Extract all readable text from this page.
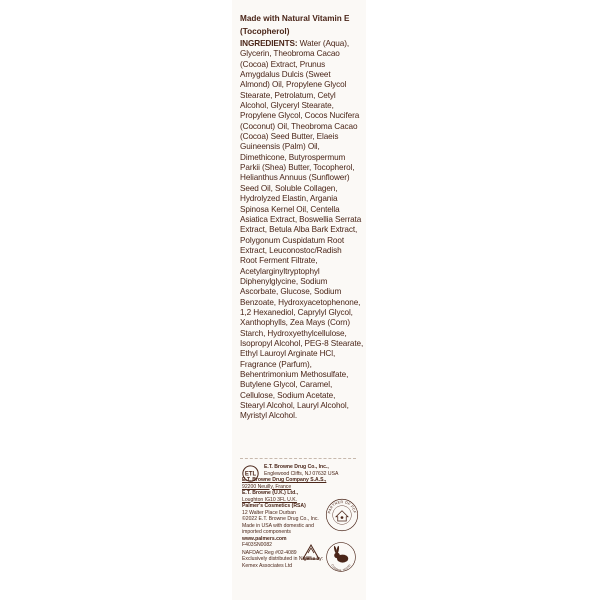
Made with Natural Vitamin E
(Tocopherol)
INGREDIENTS: Water (Aqua),
Glycerin, Theobroma Cacao
(Cocoa) Extract, Prunus
Amygdalus Dulcis (Sweet
Almond) Oil, Propylene Glycol
Stearate, Petrolatum, Cetyl
Alcohol, Glyceryl Stearate,
Propylene Glycol, Cocos Nucifera
(Coconut) Oil, Theobroma Cacao
(Cocoa) Seed Butter, Elaeis
Guineensis (Palm) Oil,
Dimethicone, Butyrospermum
Parkii (Shea) Butter, Tocopherol,
Helianthus Annuus (Sunflower)
Seed Oil, Soluble Collagen,
Hydrolyzed Elastin, Argania
Spinosa Kernel Oil, Centella
Asiatica Extract, Boswellia Serrata
Extract, Betula Alba Bark Extract,
Polygonum Cuspidatum Root
Extract, Leuconostoc/Radish
Root Ferment Filtrate,
Acetylarginyltryptophyl
Diphenylglycine, Sodium
Ascorbate, Glucose, Sodium
Benzoate, Hydroxyacetophenone,
1,2 Hexanediol, Caprylyl Glycol,
Xanthophylls, Zea Mays (Corn)
Starch, Hydroxyethylcellulose,
Isopropyl Alcohol, PEG-8 Stearate,
Ethyl Lauroyl Arginate HCl,
Fragrance (Parfum),
Behentrimonium Methosulfate,
Butylene Glycol, Caramel,
Cellulose, Sodium Acetate,
Stearyl Alcohol, Lauryl Alcohol,
Myristyl Alcohol.
ETL
E.T. Browne Drug Co., Inc.,
Englewood Cliffs, NJ 07632 USA
E.T. Browne Drug Company S.A.S.,
92200 Neuilly, France
E.T. Browne (U.K.) Ltd.,
Loughton IG10 3FL U.K.
Palmer's Cosmetics (RSA)
12 Walter Place Durban
©2022 E.T. Browne Drug Co., Inc.
Made in USA with domestic and
imported components
www.palmers.com
F403SN0082
NAFDAC Reg #02-4089
Exclusively distributed in Nigeria by:
Kemex Associates Ltd
PARTNER OF PCF
O ANIMAL TESTIN
